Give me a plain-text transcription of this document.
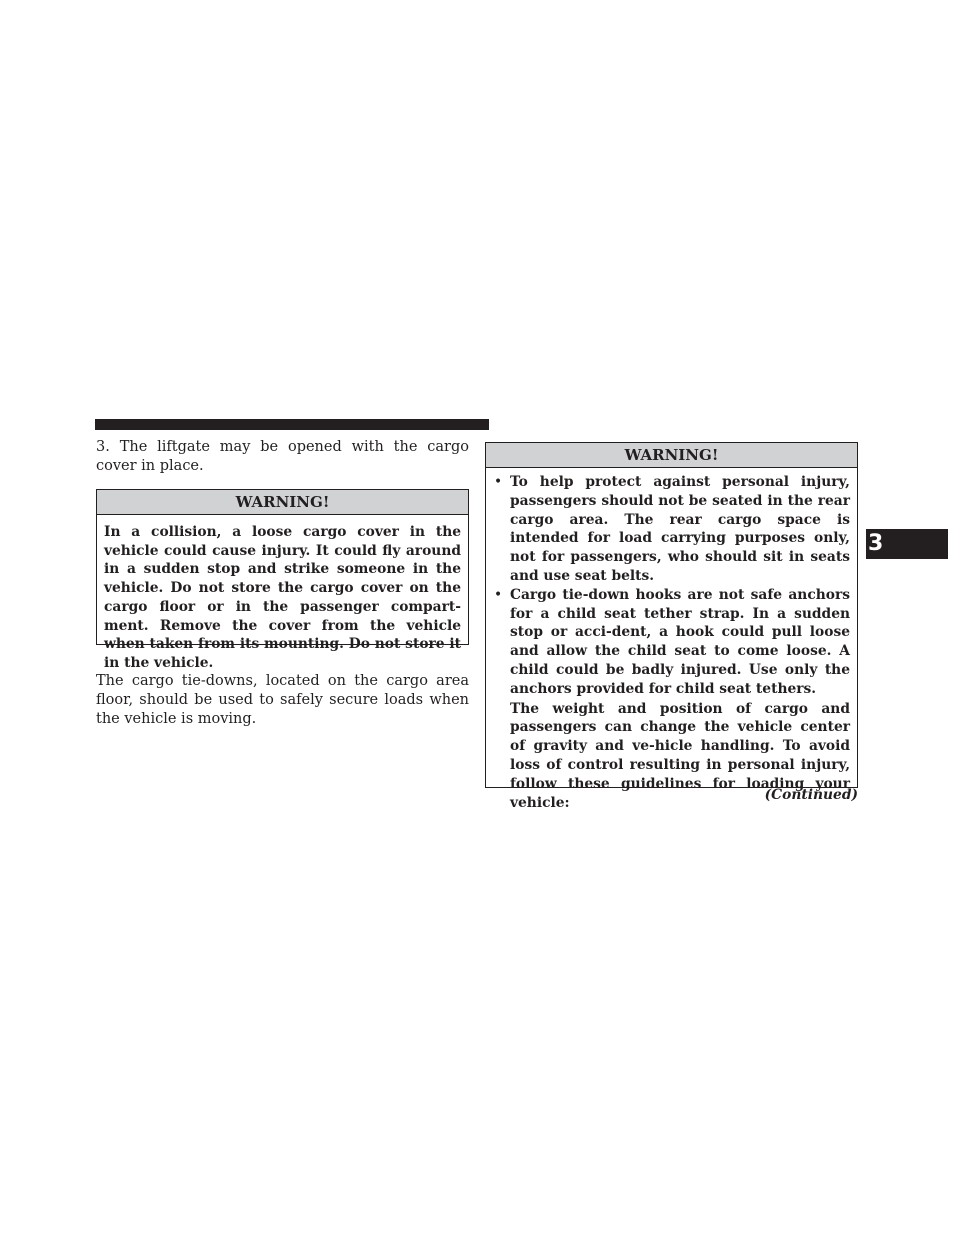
3. The liftgate may be opened with the cargo cover in place.

WARNING!
In a collision, a loose cargo cover in the vehicle could cause injury. It could fly around in a sudden stop and strike someone in the vehicle. Do not store the cargo cover on the cargo floor or in the passenger compart-ment. Remove the cover from the vehicle when taken from its mounting. Do not store it in the vehicle.

The cargo tie-downs, located on the cargo area floor, should be used to safely secure loads when the vehicle is moving.

WARNING!
• To help protect against personal injury, passengers should not be seated in the rear cargo area. The rear cargo space is intended for load carrying purposes only, not for passengers, who should sit in seats and use seat belts.
• Cargo tie-down hooks are not safe anchors for a child seat tether strap. In a sudden stop or acci-dent, a hook could pull loose and allow the child seat to come loose. A child could be badly injured. Use only the anchors provided for child seat tethers.
The weight and position of cargo and passengers can change the vehicle center of gravity and ve-hicle handling. To avoid loss of control resulting in personal injury, follow these guidelines for loading your vehicle:	(Continued)
3
